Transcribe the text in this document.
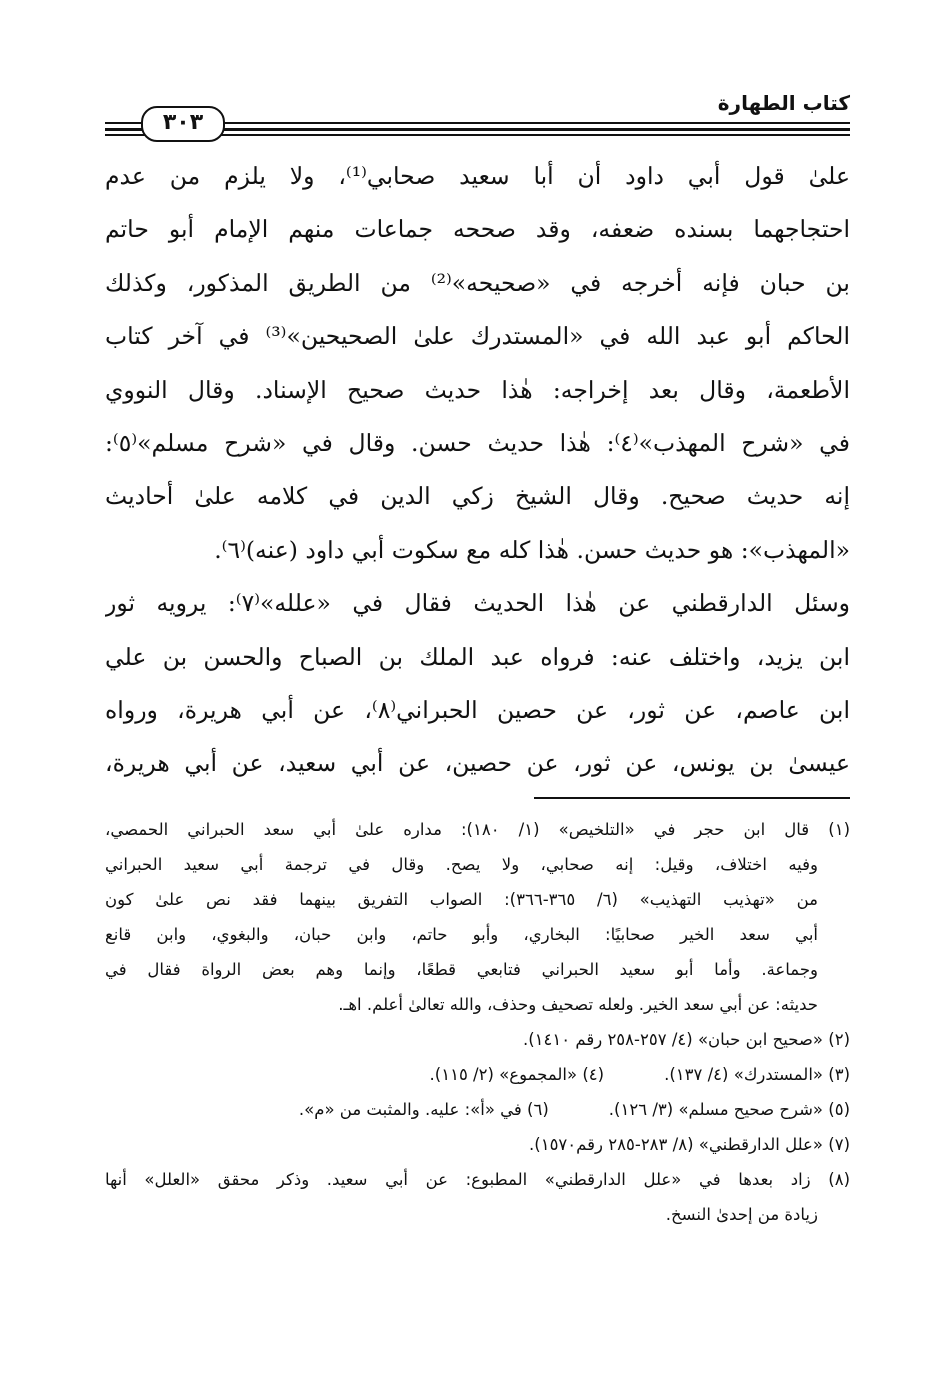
كتاب الطهارة
٣٠٣
علىٰ قول أبي داود أن أبا سعيد صحابي⁽¹⁾، ولا يلزم من عدم
احتجاجهما بسنده ضعفه، وقد صححه جماعات منهم الإمام أبو حاتم
بن حبان فإنه أخرجه في «صحيحه»⁽²⁾ من الطريق المذكور، وكذلك
الحاكم أبو عبد الله في «المستدرك علىٰ الصحيحين»⁽³⁾ في آخر كتاب
الأطعمة، وقال بعد إخراجه: هٰذا حديث صحيح الإسناد. وقال النووي
في «شرح المهذب»⁽٤⁾: هٰذا حديث حسن. وقال في «شرح مسلم»⁽٥⁾:
إنه حديث صحيح. وقال الشيخ زكي الدين في كلامه علىٰ أحاديث
«المهذب»: هو حديث حسن. هٰذا كله مع سكوت أبي داود (عنه)⁽٦⁾.
وسئل الدارقطني عن هٰذا الحديث فقال في «علله»⁽٧⁾: يرويه ثور
ابن يزيد، واختلف عنه: فرواه عبد الملك بن الصباح والحسن بن علي
ابن عاصم، عن ثور، عن حصين الحبراني⁽٨⁾، عن أبي هريرة، ورواه
عيسىٰ بن يونس، عن ثور، عن حصين، عن أبي سعيد، عن أبي هريرة،
(١) قال ابن حجر في «التلخيص» (١/ ١٨٠): مداره علىٰ أبي سعد الحبراني الحمصي،
وفيه اختلاف، وقيل: إنه صحابي، ولا يصح. وقال في ترجمة أبي سعيد الحبراني
من «تهذيب التهذيب» (٦/ ٣٦٥-٣٦٦): الصواب التفريق بينهما فقد نص علىٰ كون
أبي سعد الخير صحابيًا: البخاري، وأبو حاتم، وابن حبان، والبغوي، وابن قانع
وجماعة. وأما أبو سعيد الحبراني فتابعي قطعًا، وإنما وهم بعض الرواة فقال في
حديثه: عن أبي سعد الخير. ولعله تصحيف وحذف، والله تعالىٰ أعلم. اهـ.
(٢) «صحيح ابن حبان» (٤/ ٢٥٧-٢٥٨ رقم ١٤١٠).
(٣) «المستدرك» (٤/ ١٣٧).
(٤) «المجموع» (٢/ ١١٥).
(٥) «شرح صحيح مسلم» (٣/ ١٢٦).
(٦) في «أ»: عليه. والمثبت من «م».
(٧) «علل الدارقطني» (٨/ ٢٨٣-٢٨٥ رقم١٥٧٠).
(٨) زاد بعدها في «علل الدارقطني» المطبوع: عن أبي سعيد. وذكر محقق «العلل» أنها
زيادة من إحدىٰ النسخ.
